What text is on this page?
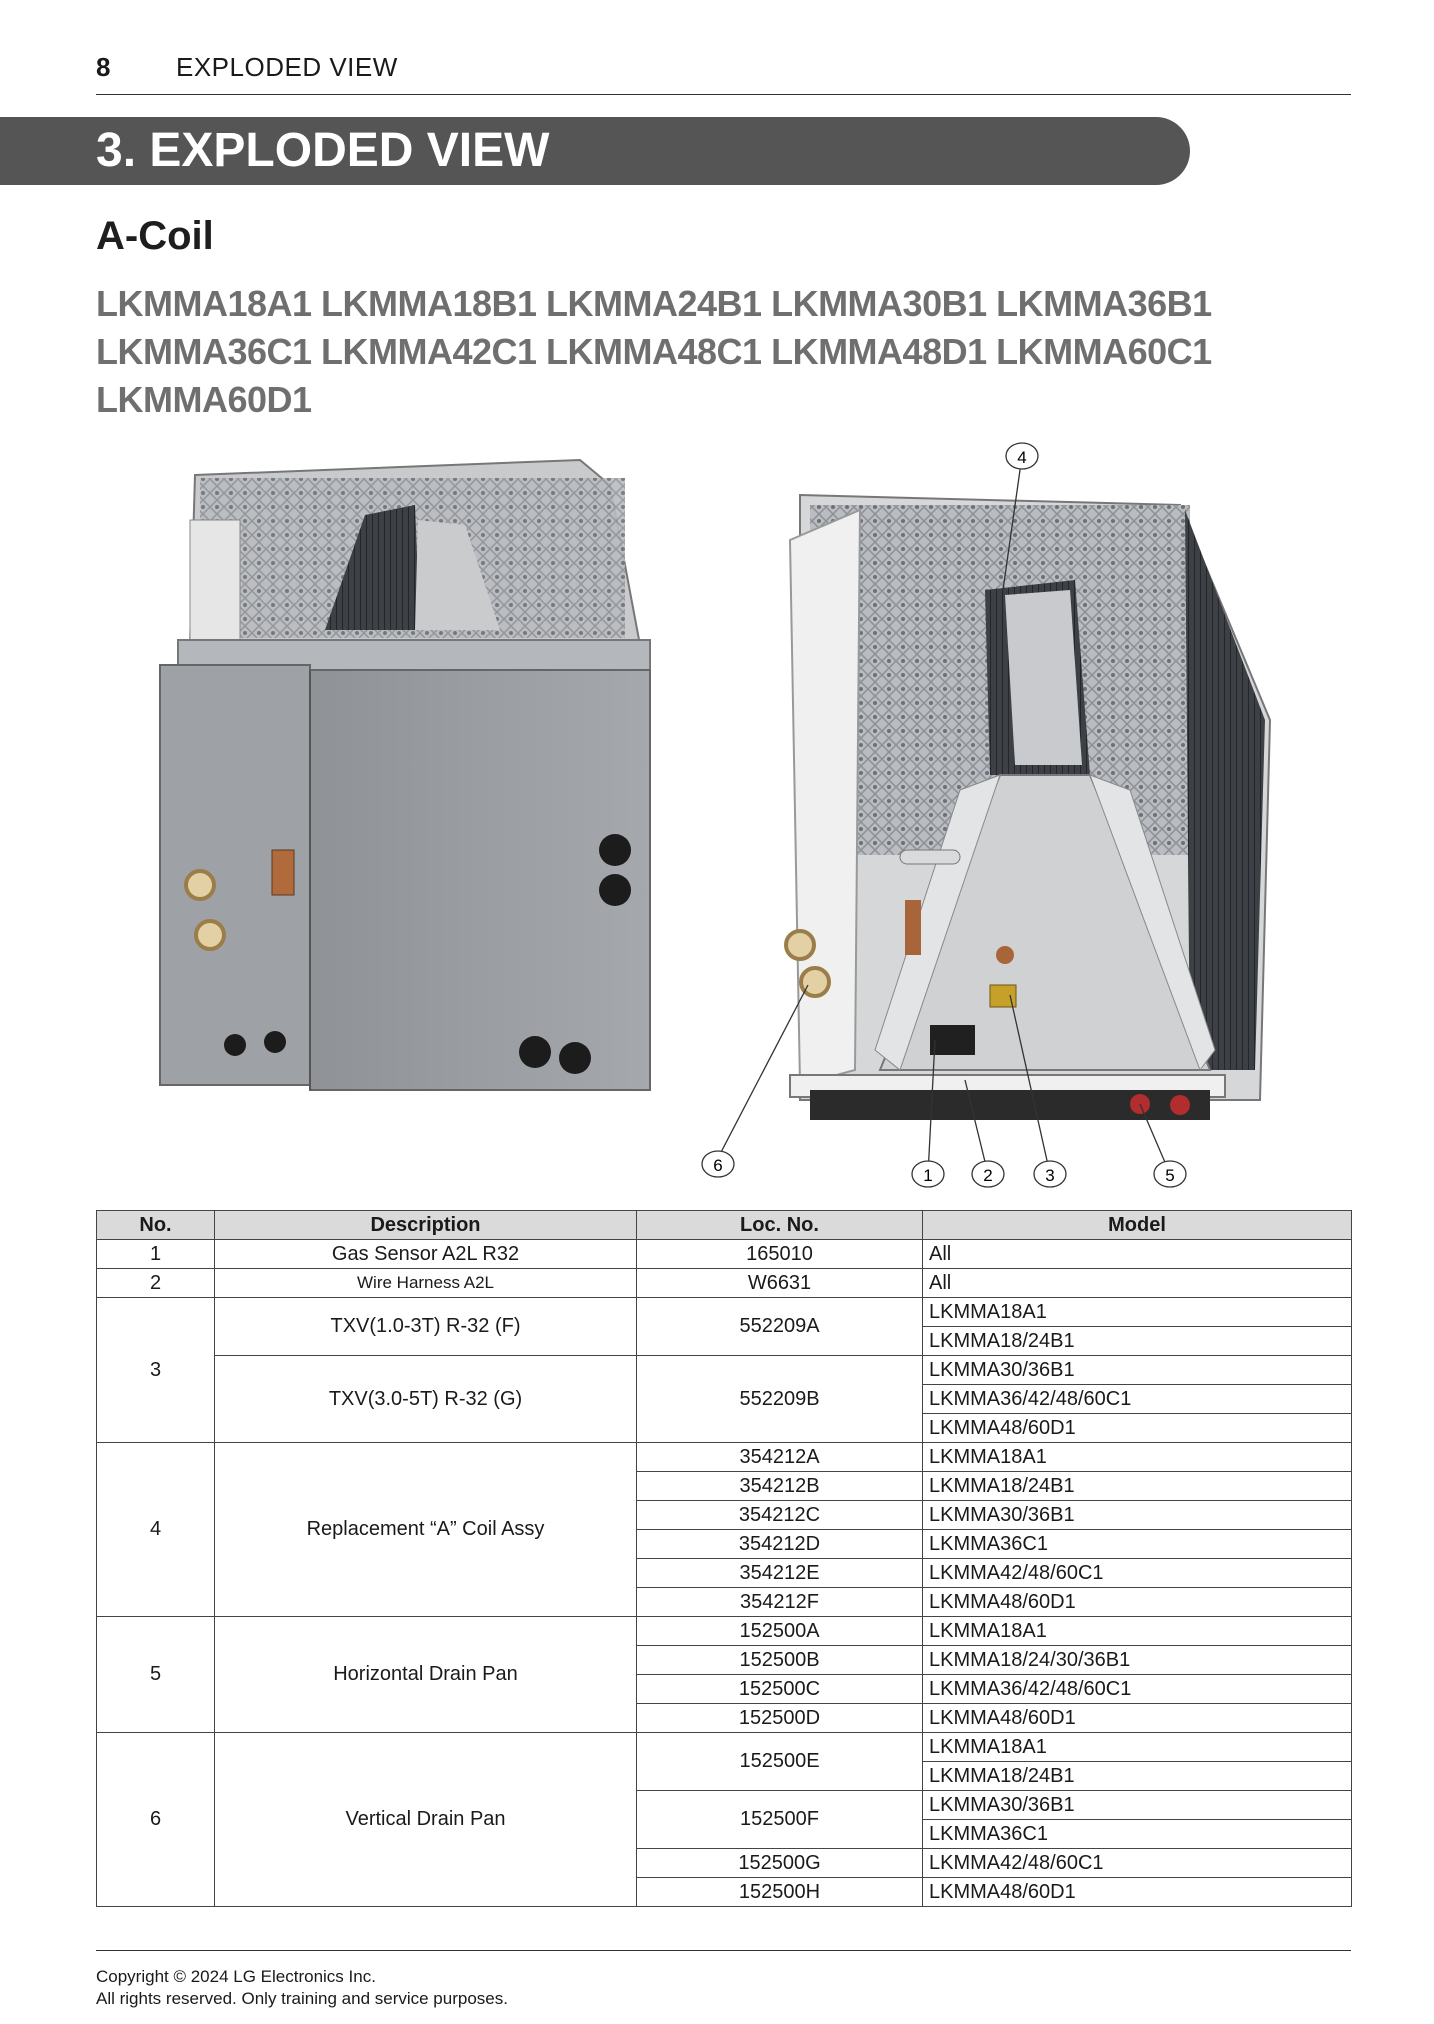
8	EXPLODED VIEW
3. EXPLODED VIEW
A-Coil
LKMMA18A1 LKMMA18B1 LKMMA24B1 LKMMA30B1 LKMMA36B1
LKMMA36C1 LKMMA42C1 LKMMA48C1 LKMMA48D1 LKMMA60C1
LKMMA60D1
1	2	3
4
5
6
No.	Description	Loc. No.	Model
1	Gas Sensor A2L R32	165010	All
2	Wire Harness A2L	W6631	All
3	TXV(1.0-3T) R-32 (F)	552209A	LKMMA18A1
			LKMMA18/24B1
	TXV(3.0-5T) R-32 (G)	552209B	LKMMA30/36B1
			LKMMA36/42/48/60C1
			LKMMA48/60D1
4	Replacement “A” Coil Assy	354212A	LKMMA18A1
		354212B	LKMMA18/24B1
		354212C	LKMMA30/36B1
		354212D	LKMMA36C1
		354212E	LKMMA42/48/60C1
		354212F	LKMMA48/60D1
5	Horizontal Drain Pan	152500A	LKMMA18A1
		152500B	LKMMA18/24/30/36B1
		152500C	LKMMA36/42/48/60C1
		152500D	LKMMA48/60D1
6	Vertical Drain Pan	152500E	LKMMA18A1
			LKMMA18/24B1
		152500F	LKMMA30/36B1
			LKMMA36C1
		152500G	LKMMA42/48/60C1
		152500H	LKMMA48/60D1
Copyright © 2024 LG Electronics Inc.
All rights reserved. Only training and service purposes.
